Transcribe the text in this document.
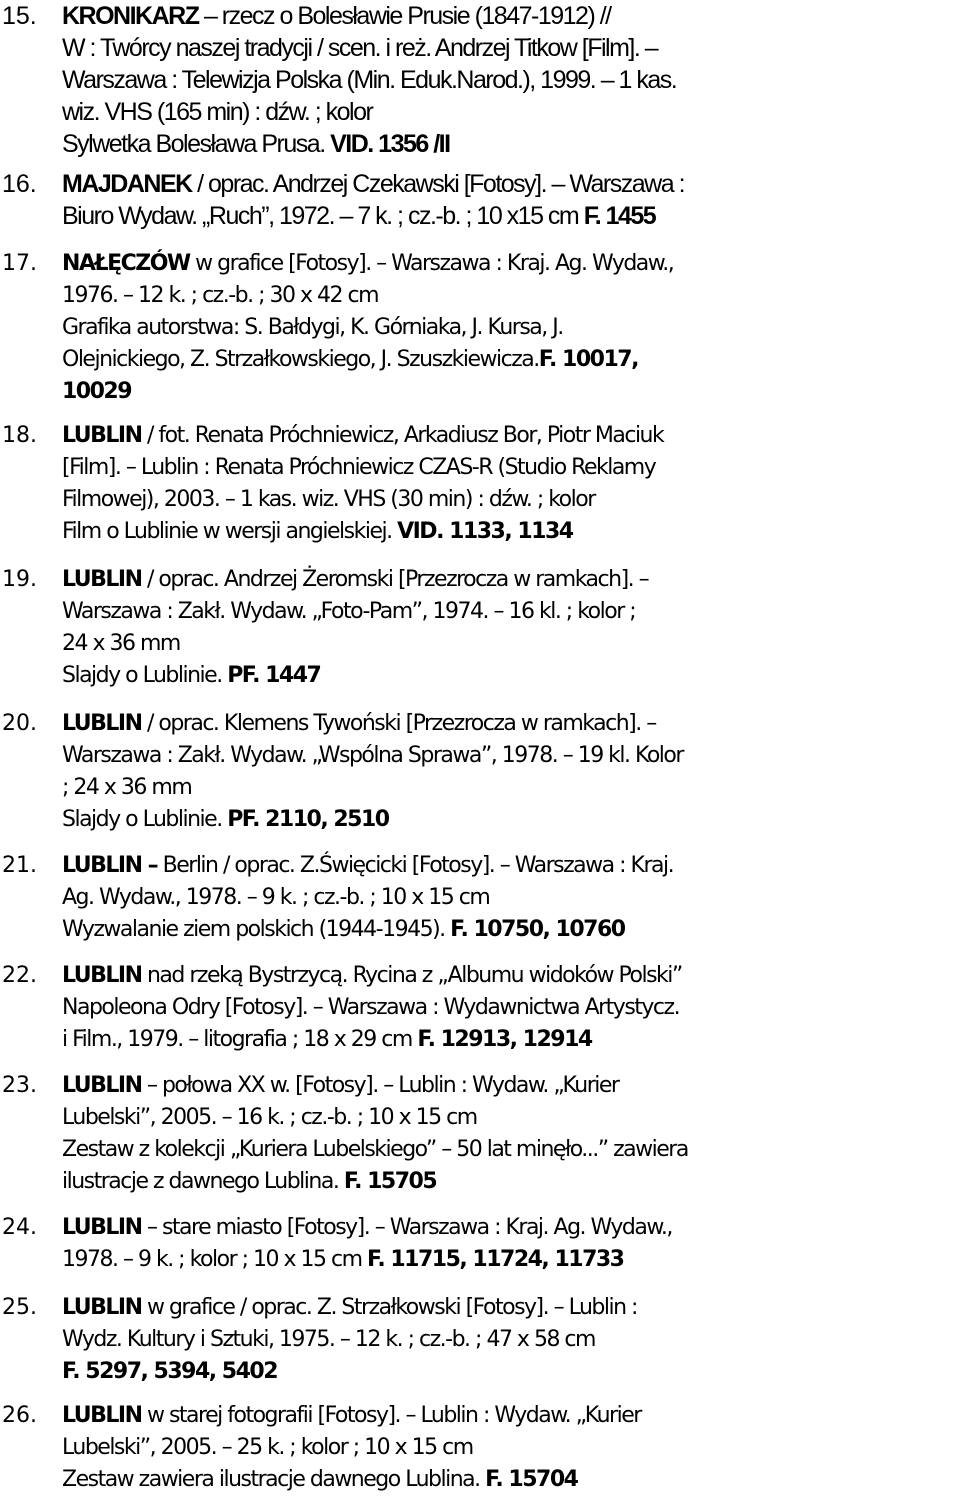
15. KRONIKARZ – rzecz o Bolesławie Prusie (1847-1912) //
W : Twórcy naszej tradycji / scen. i reż. Andrzej Titkow [Film]. –
Warszawa : Telewizja Polska (Min. Eduk.Narod.), 1999. – 1 kas.
wiz. VHS (165 min) : dźw. ; kolor
Sylwetka Bolesława Prusa. VID. 1356 /II
16. MAJDANEK / oprac. Andrzej Czekawski [Fotosy]. – Warszawa :
Biuro Wydaw. „Ruch”, 1972. – 7 k. ; cz.-b. ; 10 x15 cm F. 1455
17. NAŁĘCZÓW w grafice [Fotosy]. – Warszawa : Kraj. Ag. Wydaw.,
1976. – 12 k. ; cz.-b. ; 30 x 42 cm
Grafika autorstwa: S. Bałdygi, K. Górniaka, J. Kursa, J.
Olejnickiego, Z. Strzałkowskiego, J. Szuszkiewicza.F. 10017,
10029
18. LUBLIN / fot. Renata Próchniewicz, Arkadiusz Bor, Piotr Maciuk
[Film]. – Lublin : Renata Próchniewicz CZAS-R (Studio Reklamy
Filmowej), 2003. – 1 kas. wiz. VHS (30 min) : dźw. ; kolor
Film o Lublinie w wersji angielskiej. VID. 1133, 1134
19. LUBLIN / oprac. Andrzej Żeromski [Przezrocza w ramkach]. –
Warszawa : Zakł. Wydaw. „Foto-Pam”, 1974. – 16 kl. ; kolor ;
24 x 36 mm
Slajdy o Lublinie. PF. 1447
20. LUBLIN / oprac. Klemens Tywoński [Przezrocza w ramkach]. –
Warszawa : Zakł. Wydaw. „Wspólna Sprawa”, 1978. – 19 kl. Kolor
; 24 x 36 mm
Slajdy o Lublinie. PF. 2110, 2510
21. LUBLIN – Berlin / oprac. Z.Święcicki [Fotosy]. – Warszawa : Kraj.
Ag. Wydaw., 1978. – 9 k. ; cz.-b. ; 10 x 15 cm
Wyzwalanie ziem polskich (1944-1945). F. 10750, 10760
22. LUBLIN nad rzeką Bystrzycą. Rycina z „Albumu widoków Polski”
Napoleona Odry [Fotosy]. – Warszawa : Wydawnictwa Artystycz.
i Film., 1979. – litografia ; 18 x 29 cm F. 12913, 12914
23. LUBLIN – połowa XX w. [Fotosy]. – Lublin : Wydaw. „Kurier
Lubelski”, 2005. – 16 k. ; cz.-b. ; 10 x 15 cm
Zestaw z kolekcji „Kuriera Lubelskiego” – 50 lat minęło...” zawiera
ilustracje z dawnego Lublina. F. 15705
24. LUBLIN – stare miasto [Fotosy]. – Warszawa : Kraj. Ag. Wydaw.,
1978. – 9 k. ; kolor ; 10 x 15 cm F. 11715, 11724, 11733
25. LUBLIN w grafice / oprac. Z. Strzałkowski [Fotosy]. – Lublin :
Wydz. Kultury i Sztuki, 1975. – 12 k. ; cz.-b. ; 47 x 58 cm
F. 5297, 5394, 5402
26. LUBLIN w starej fotografii [Fotosy]. – Lublin : Wydaw. „Kurier
Lubelski”, 2005. – 25 k. ; kolor ; 10 x 15 cm
Zestaw zawiera ilustracje dawnego Lublina. F. 15704
